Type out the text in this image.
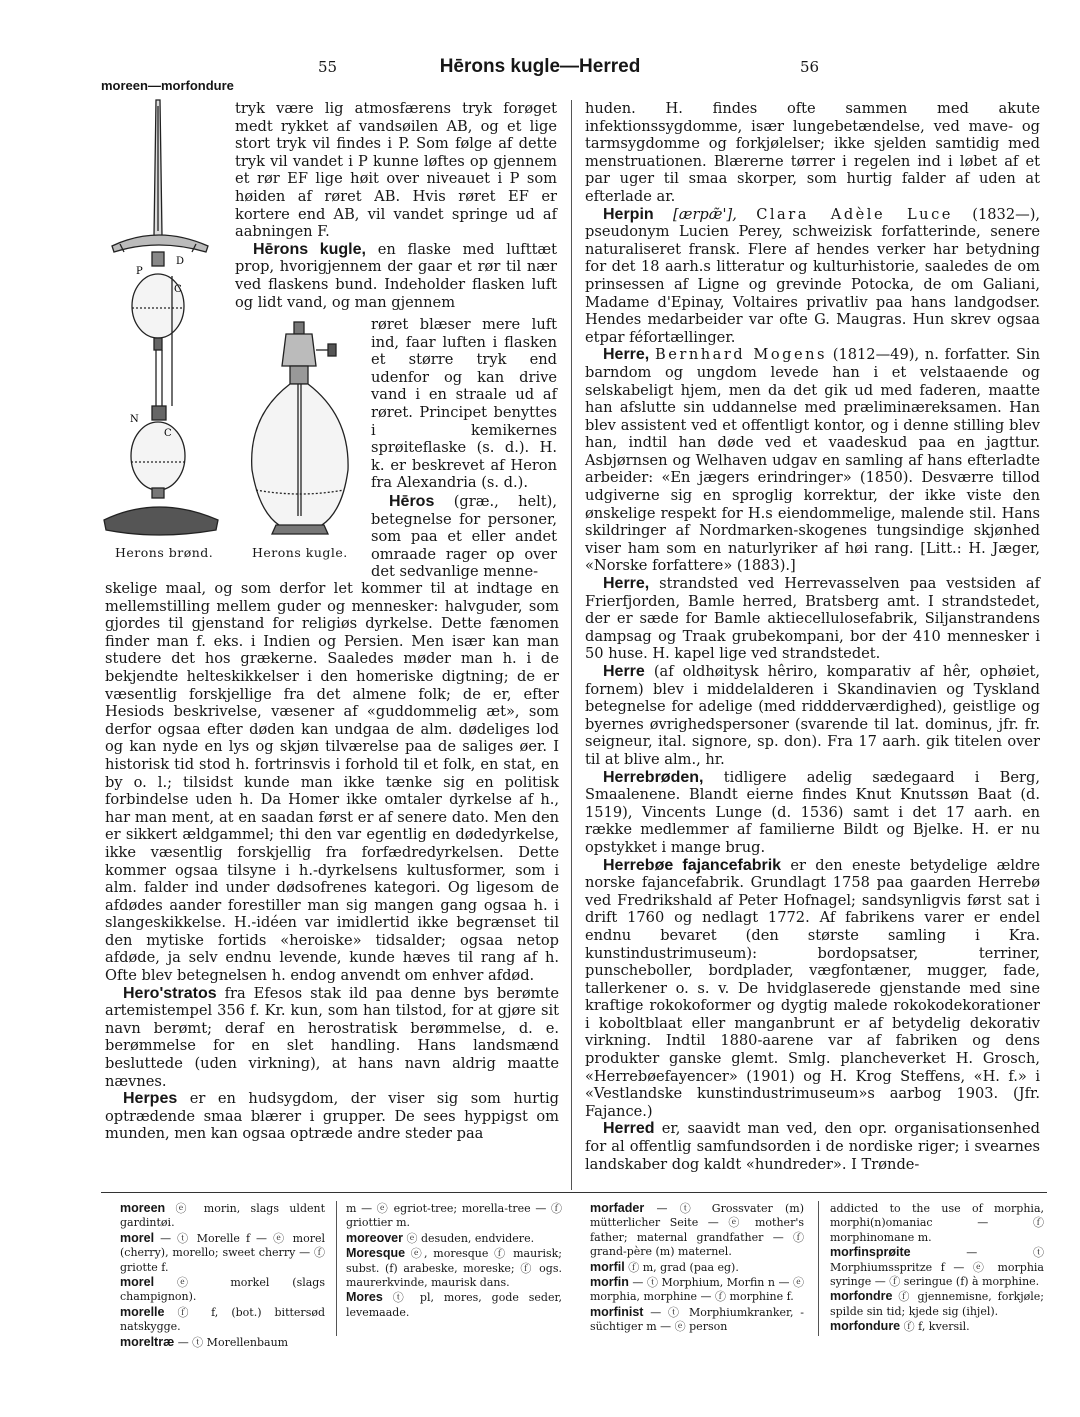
55	Hērons kugle—Herred	56
moreen—morfondure
P
D
C
N
C
Herons brønd.	Herons kugle.

tryk være lig atmosfærens tryk forøget medt rykket af vandsøilen AB, og et lige stort tryk vil findes i P. Som følge af dette tryk vil vandet i P kunne løftes op gjennem et rør EF lige høit over niveauet i P som høiden af røret AB. Hvis røret EF er kortere end AB, vil vandet springe ud af aabningen F.

Hērons kugle, en flaske med lufttæt prop, hvorigjennem der gaar et rør til nær ved flaskens bund. Indeholder flasken luft og lidt vand, og man gjennem

røret blæser mere luft ind, faar luften i flasken et større tryk end udenfor og kan drive vand i en straale ud af røret. Principet benyttes i kemikernes sprøiteflaske (s. d.). H. k. er beskrevet af Heron fra Alexandria (s. d.).

Hēros (græ., helt), betegnelse for personer, som paa et eller andet omraade rager op over det sedvanlige menne-

skelige maal, og som derfor let kommer til at indtage en mellemstilling mellem guder og mennesker: halvguder, som gjordes til gjenstand for religiøs dyrkelse. Dette fænomen finder man f. eks. i Indien og Persien. Men især kan man studere det hos grækerne. Saaledes møder man h. i de bekjendte helteskikkelser i den homeriske digtning; de er væsentlig forskjellige fra det almene folk; de er, efter Hesiods beskrivelse, væsener af «guddommelig æt», som derfor ogsaa efter døden kan undgaa de alm. dødeliges lod og kan nyde en lys og skjøn tilværelse paa de saliges øer. I historisk tid stod h. fortrinsvis i forhold til et folk, en stat, en by o. l.; tilsidst kunde man ikke tænke sig en politisk forbindelse uden h. Da Homer ikke omtaler dyrkelse af h., har man ment, at en saadan først er af senere dato. Men den er sikkert ældgammel; thi den var egentlig en dødedyrkelse, ikke væsentlig forskjellig fra forfædredyrkelsen. Dette kommer ogsaa tilsyne i h.-dyrkelsens kultusformer, som i alm. falder ind under dødsofrenes kategori. Og ligesom de afdødes aander forestiller man sig mangen gang ogsaa h. i slangeskikkelse. H.-idéen var imidlertid ikke begrænset til den mytiske fortids «heroiske» tidsalder; ogsaa netop afdøde, ja selv endnu levende, kunde hæves til rang af h. Ofte blev betegnelsen h. endog anvendt om enhver afdød.

Hero'stratos fra Efesos stak ild paa denne bys berømte artemistempel 356 f. Kr. kun, som han tilstod, for at gjøre sit navn berømt; deraf en herostratisk berømmelse, d. e. berømmelse for en slet handling. Hans landsmænd besluttede (uden virkning), at hans navn aldrig maatte nævnes.

Herpes er en hudsygdom, der viser sig som hurtig optrædende smaa blærer i grupper. De sees hyppigst om munden, men kan ogsaa optræde andre steder paa

huden. H. findes ofte sammen med akute infektionssygdomme, især lungebetændelse, ved mave- og tarmsygdomme og forkjølelser; ikke sjelden samtidig med menstruationen. Blærerne tørrer i regelen ind i løbet af et par uger til smaa skorper, som hurtig falder af uden at efterlade ar.

Herpin [ærpæ̃'], Clara Adèle Luce (1832—), pseudonym Lucien Perey, schweizisk forfatterinde, senere naturaliseret fransk. Flere af hendes verker har betydning for det 18 aarh.s litteratur og kulturhistorie, saaledes de om prinsessen af Ligne og grevinde Potocka, de om Galiani, Madame d'Epinay, Voltaires privatliv paa hans landgodser. Hendes medarbeider var ofte G. Maugras. Hun skrev ogsaa etpar féfortællinger.

Herre, Bernhard Mogens (1812—49), n. forfatter. Sin barndom og ungdom levede han i et velstaaende og selskabeligt hjem, men da det gik ud med faderen, maatte han afslutte sin uddannelse med præliminæreksamen. Han blev assistent ved et offentligt kontor, og i denne stilling blev han, indtil han døde ved et vaadeskud paa en jagttur. Asbjørnsen og Welhaven udgav en samling af hans efterladte arbeider: «En jægers erindringer» (1850). Desværre tillod udgiverne sig en sproglig korrektur, der ikke viste den ønskelige respekt for H.s eiendommelige, malende stil. Hans skildringer af Nordmarken-skogenes tungsindige skjønhed viser ham som en naturlyriker af høi rang. [Litt.: H. Jæger, «Norske forfattere» (1883).]

Herre, strandsted ved Herrevasselven paa vestsiden af Frierfjorden, Bamle herred, Bratsberg amt. I strandstedet, der er sæde for Bamle aktiecellulosefabrik, Siljanstrandens dampsag og Traak grubekompani, bor der 410 mennesker i 50 huse. H. kapel lige ved strandstedet.

Herre (af oldhøitysk hêriro, komparativ af hêr, ophøiet, fornem) blev i middelalderen i Skandinavien og Tyskland betegnelse for adelige (med riddderværdighed), geistlige og byernes øvrighedspersoner (svarende til lat. dominus, jfr. fr. seigneur, ital. signore, sp. don). Fra 17 aarh. gik titelen over til at blive alm., hr.

Herrebrøden, tidligere adelig sædegaard i Berg, Smaalenene. Blandt eierne findes Knut Knutssøn Baat (d. 1519), Vincents Lunge (d. 1536) samt i det 17 aarh. en række medlemmer af familierne Bildt og Bjelke. H. er nu opstykket i mange brug.

Herrebøe fajancefabrik er den eneste betydelige ældre norske fajancefabrik. Grundlagt 1758 paa gaarden Herrebø ved Fredrikshald af Peter Hofnagel; sandsynligvis først sat i drift 1760 og nedlagt 1772. Af fabrikens varer er endel endnu bevaret (den største samling i Kra. kunstindustrimuseum): bordopsatser, terriner, punscheboller, bordplader, vægfontæner, mugger, fade, tallerkener o. s. v. De hvidglaserede gjenstande med sine kraftige rokokoformer og dygtig malede rokokodekorationer i koboltblaat eller manganbrunt er af betydelig dekorativ virkning. Indtil 1880-aarene var af fabriken og dens produkter ganske glemt. Smlg. plancheverket H. Grosch, «Herrebøefayencer» (1901) og H. Krog Steffens, «H. f.» i «Vestlandske kunstindustrimuseum»s aarbog 1903. (Jfr. Fajance.)

Herred er, saavidt man ved, den opr. organisationsenhed for al offentlig samfundsorden i de nordiske riger; i svearnes landskaber dog kaldt «hundreder». I Trønde-

moreen ⓔ morin, slags uldent gardintøi.

morel — ⓣ Morelle f — ⓔ morel (cherry), morello; sweet cherry — ⓕ griotte f.

morel ⓔ morkel (slags champignon).

morelle ⓕ f, (bot.) bittersød natskygge.

moreltræ — ⓣ Morellenbaum

m — ⓔ egriot-tree; morella-tree — ⓕ griottier m.

moreover ⓔ desuden, endvidere.

Moresque ⓔ, moresque ⓕ maurisk; subst. (f) arabeske, moreske; ⓕ ogs. maurerkvinde, maurisk dans.

Mores ⓣ pl, mores, gode seder, levemaade.

morfader — ⓣ Grossvater (m) mütterlicher Seite — ⓔ mother's father; maternal grandfather — ⓕ grand-père (m) maternel.

morfil ⓕ m, grad (paa eg).

morfin — ⓣ Morphium, Morfin n — ⓔ morphia, morphine — ⓕ morphine f.

morfinist — ⓣ Morphiumkranker, -süchtiger m — ⓔ person

addicted to the use of morphia, morphi(n)omaniac — ⓕ morphinomane m.

morfinsprøite	— ⓣ Morphiumsspritze f — ⓔ morphia syringe — ⓕ seringue (f) à morphine.

morfondre ⓕ gjennemisne, forkjøle; spilde sin tid; kjede sig (ihjel).

morfondure ⓕ f, kversil.
